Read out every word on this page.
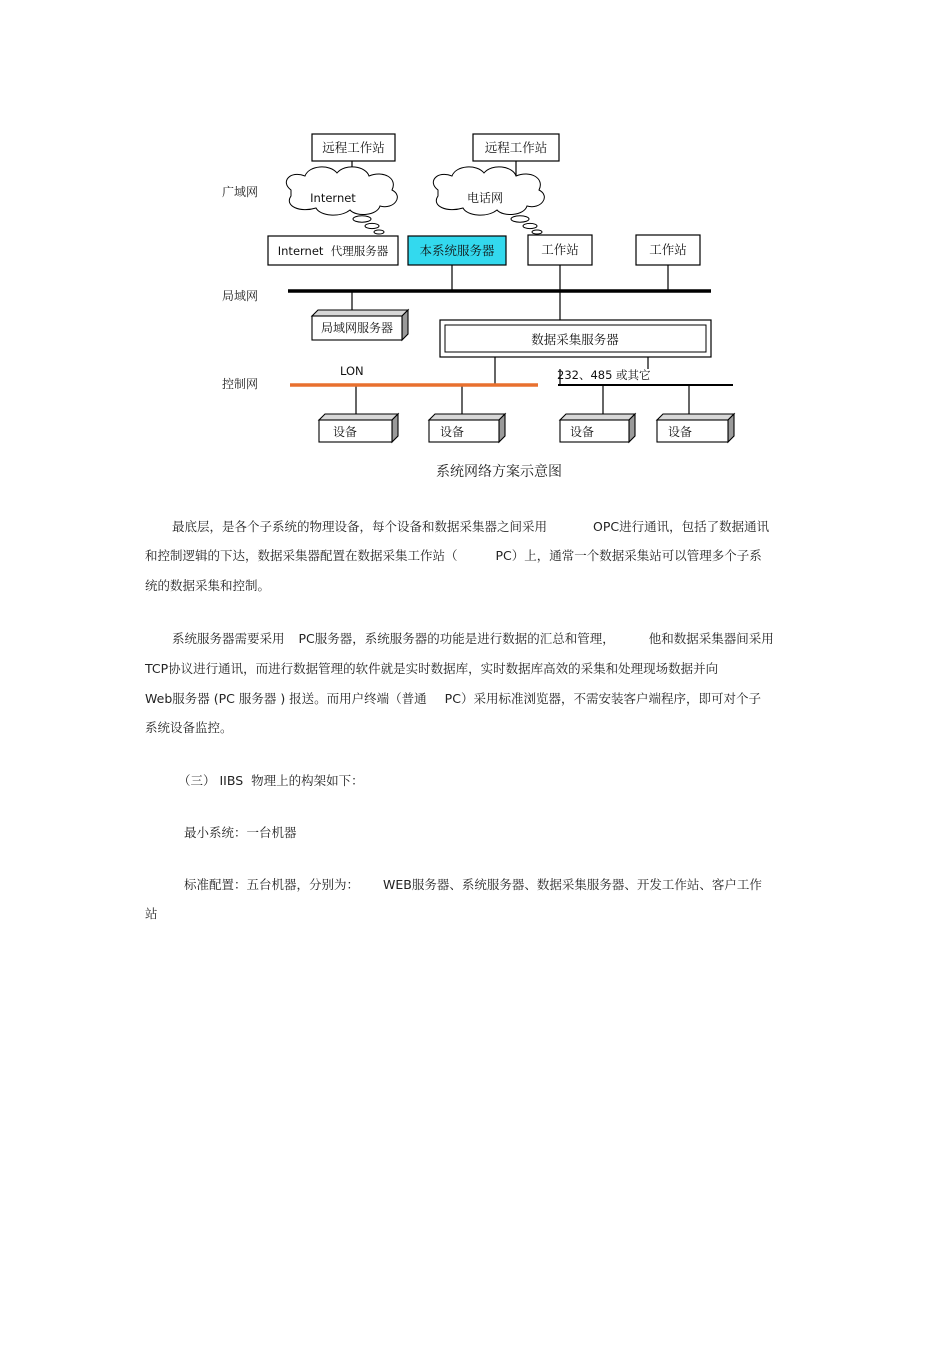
广域网
局域网
控制网
远程工作站	远程工作站
Internet	电话网
Internet  代理服务器	本系统服务器	工作站	工作站
局域网服务器
数据采集服务器
LON	232、485 或其它
设备	设备	设备	设备
系统网络方案示意图
最底层，是各个子系统的物理设备，每个设备和数据采集器之间采用	OPC进行通讯，包括了数据通讯
和控制逻辑的下达，数据采集器配置在数据采集工作站（	PC）上，通常一个数据采集站可以管理多个子系
统的数据采集和控制。
系统服务器需要采用 PC服务器，系统服务器的功能是进行数据的汇总和管理，	他和数据采集器间采用
TCP协议进行通讯，而进行数据管理的软件就是实时数据库，实时数据库高效的采集和处理现场数据并向
Web服务器 (PC 服务器 ) 报送。而用户终端（普通 PC）采用标准浏览器，不需安装客户端程序，即可对个子
系统设备监控。
（三） IIBS  物理上的构架如下：
最小系统：一台机器
标准配置：五台机器，分别为： WEB服务器、系统服务器、数据采集服务器、开发工作站、客户工作
站
